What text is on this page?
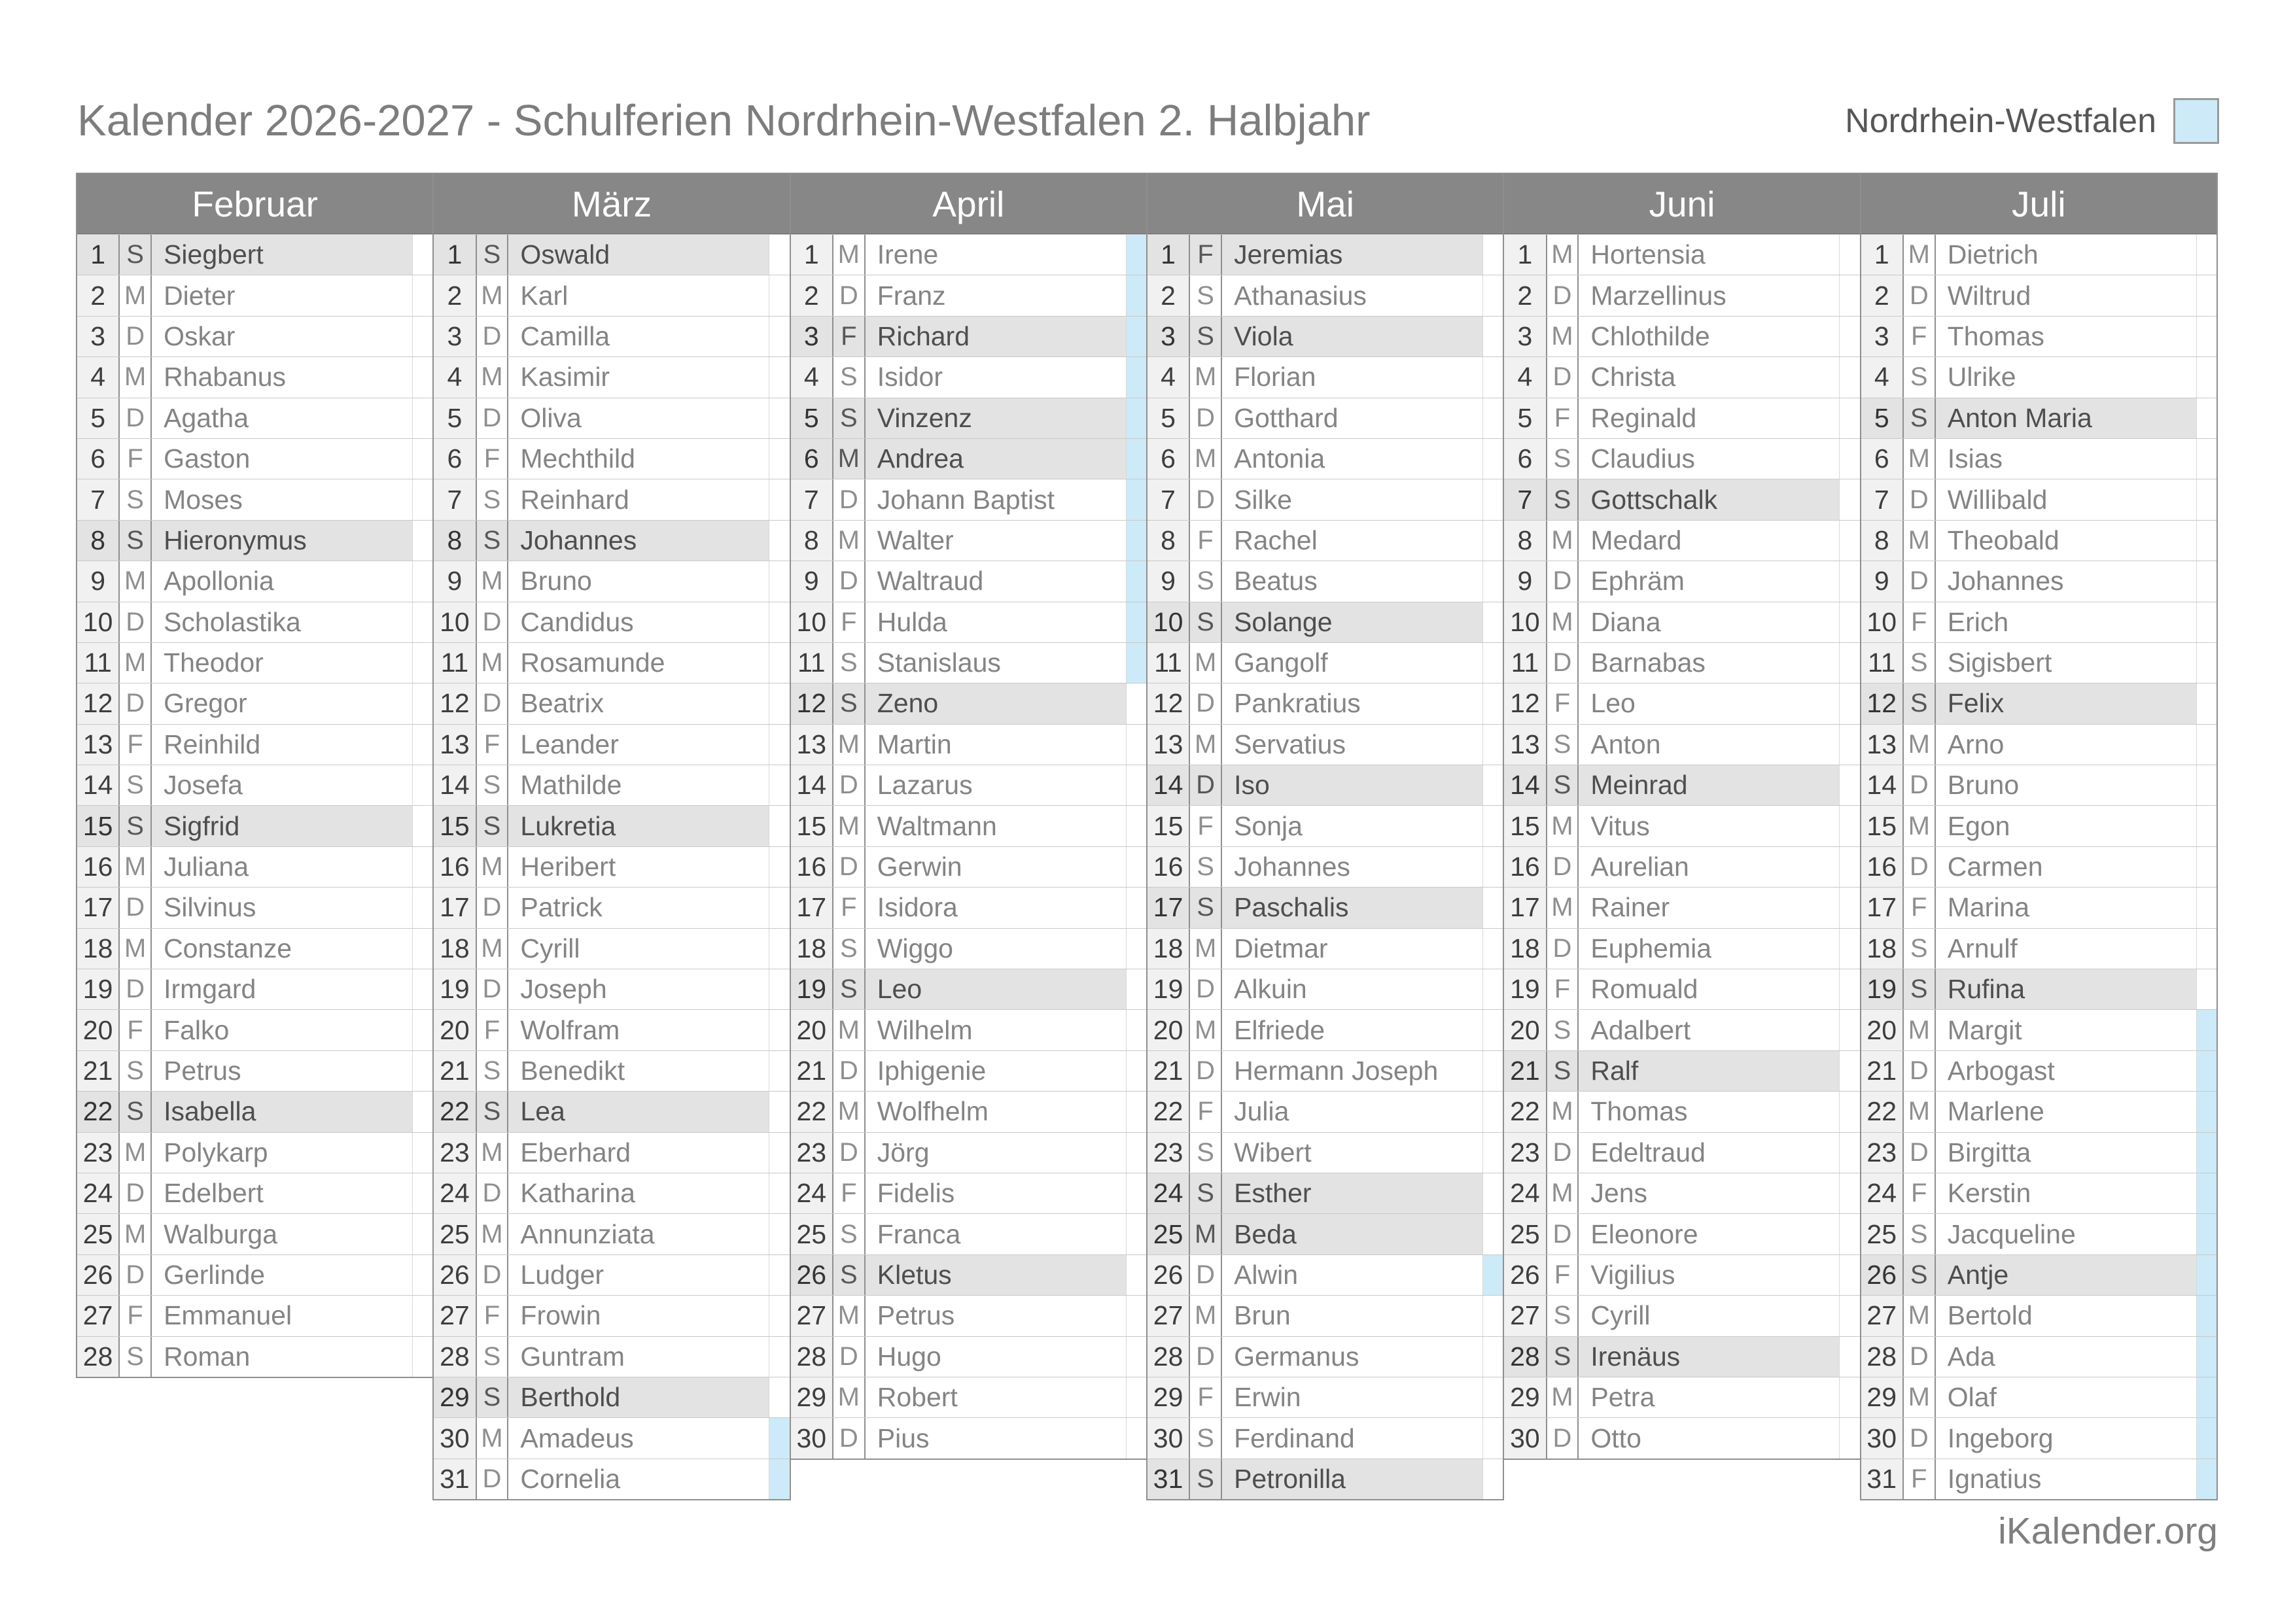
Kalender 2026-2027 - Schulferien Nordrhein-Westfalen 2. Halbjahr	Nordrhein-Westfalen
Februar
1 S Siegbert
2 M Dieter
3 D Oskar
4 M Rhabanus
5 D Agatha
6 F Gaston
7 S Moses
8 S Hieronymus
9 M Apollonia
10 D Scholastika
11 M Theodor
12 D Gregor
13 F Reinhild
14 S Josefa
15 S Sigfrid
16 M Juliana
17 D Silvinus
18 M Constanze
19 D Irmgard
20 F Falko
21 S Petrus
22 S Isabella
23 M Polykarp
24 D Edelbert
25 M Walburga
26 D Gerlinde
27 F Emmanuel
28 S Roman
März
1 S Oswald
2 M Karl
3 D Camilla
4 M Kasimir
5 D Oliva
6 F Mechthild
7 S Reinhard
8 S Johannes
9 M Bruno
10 D Candidus
11 M Rosamunde
12 D Beatrix
13 F Leander
14 S Mathilde
15 S Lukretia
16 M Heribert
17 D Patrick
18 M Cyrill
19 D Joseph
20 F Wolfram
21 S Benedikt
22 S Lea
23 M Eberhard
24 D Katharina
25 M Annunziata
26 D Ludger
27 F Frowin
28 S Guntram
29 S Berthold
30 M Amadeus
31 D Cornelia
April
1 M Irene
2 D Franz
3 F Richard
4 S Isidor
5 S Vinzenz
6 M Andrea
7 D Johann Baptist
8 M Walter
9 D Waltraud
10 F Hulda
11 S Stanislaus
12 S Zeno
13 M Martin
14 D Lazarus
15 M Waltmann
16 D Gerwin
17 F Isidora
18 S Wiggo
19 S Leo
20 M Wilhelm
21 D Iphigenie
22 M Wolfhelm
23 D Jörg
24 F Fidelis
25 S Franca
26 S Kletus
27 M Petrus
28 D Hugo
29 M Robert
30 D Pius
Mai
1 F Jeremias
2 S Athanasius
3 S Viola
4 M Florian
5 D Gotthard
6 M Antonia
7 D Silke
8 F Rachel
9 S Beatus
10 S Solange
11 M Gangolf
12 D Pankratius
13 M Servatius
14 D Iso
15 F Sonja
16 S Johannes
17 S Paschalis
18 M Dietmar
19 D Alkuin
20 M Elfriede
21 D Hermann Joseph
22 F Julia
23 S Wibert
24 S Esther
25 M Beda
26 D Alwin
27 M Brun
28 D Germanus
29 F Erwin
30 S Ferdinand
31 S Petronilla
Juni
1 M Hortensia
2 D Marzellinus
3 M Chlothilde
4 D Christa
5 F Reginald
6 S Claudius
7 S Gottschalk
8 M Medard
9 D Ephräm
10 M Diana
11 D Barnabas
12 F Leo
13 S Anton
14 S Meinrad
15 M Vitus
16 D Aurelian
17 M Rainer
18 D Euphemia
19 F Romuald
20 S Adalbert
21 S Ralf
22 M Thomas
23 D Edeltraud
24 M Jens
25 D Eleonore
26 F Vigilius
27 S Cyrill
28 S Irenäus
29 M Petra
30 D Otto
Juli
1 M Dietrich
2 D Wiltrud
3 F Thomas
4 S Ulrike
5 S Anton Maria
6 M Isias
7 D Willibald
8 M Theobald
9 D Johannes
10 F Erich
11 S Sigisbert
12 S Felix
13 M Arno
14 D Bruno
15 M Egon
16 D Carmen
17 F Marina
18 S Arnulf
19 S Rufina
20 M Margit
21 D Arbogast
22 M Marlene
23 D Birgitta
24 F Kerstin
25 S Jacqueline
26 S Antje
27 M Bertold
28 D Ada
29 M Olaf
30 D Ingeborg
31 F Ignatius
iKalender.org
